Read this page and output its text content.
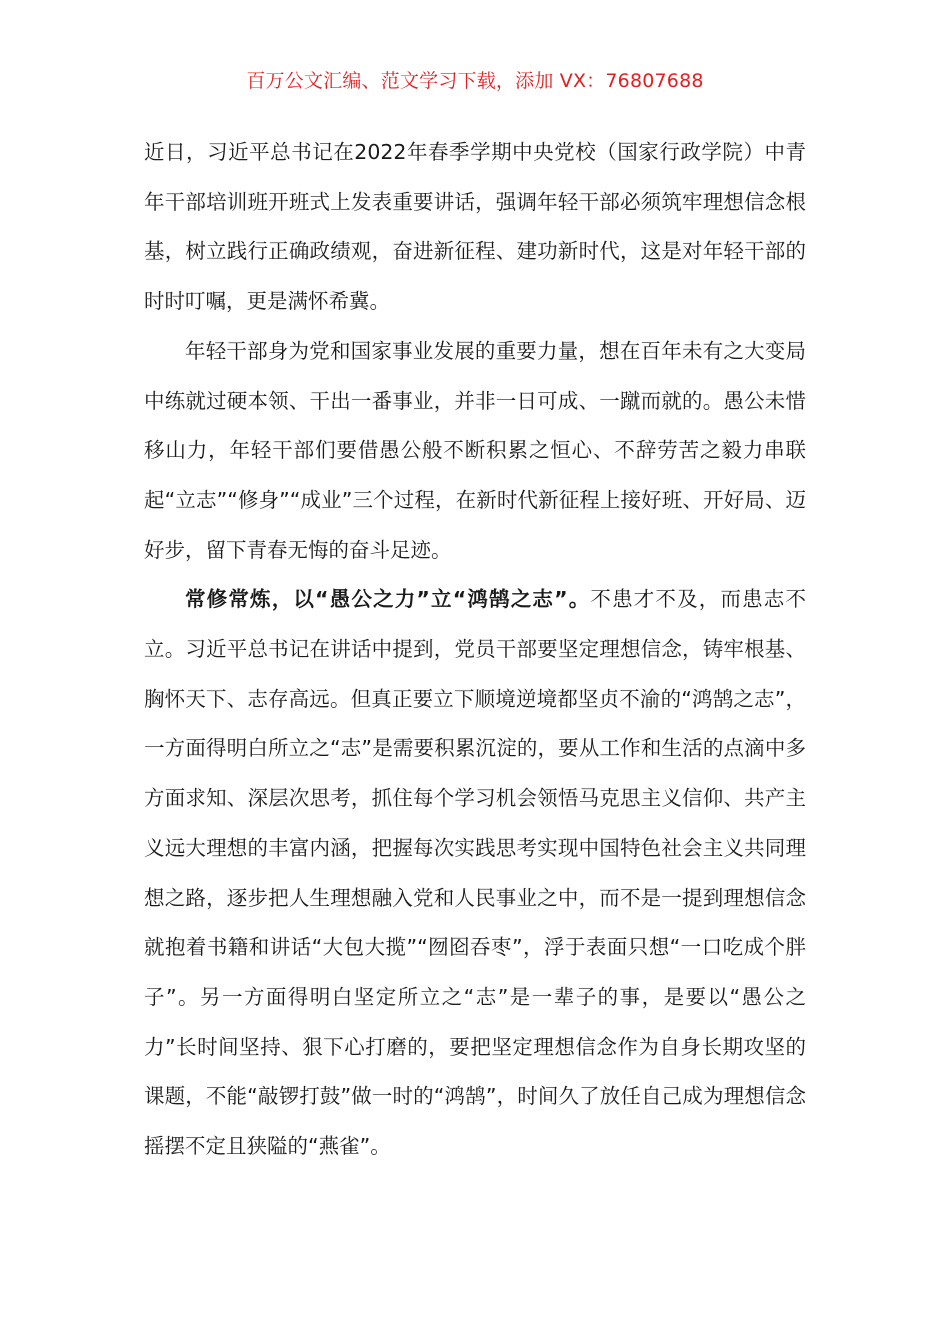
百万公文汇编、范文学习下载，添加 VX：76807688

近日，习近平总书记在2022年春季学期中央党校（国家行政学院）中青年干部培训班开班式上发表重要讲话，强调年轻干部必须筑牢理想信念根基，树立践行正确政绩观，奋进新征程、建功新时代，这是对年轻干部的时时叮嘱，更是满怀希冀。

年轻干部身为党和国家事业发展的重要力量，想在百年未有之大变局中练就过硬本领、干出一番事业，并非一日可成、一蹴而就的。愚公未惜移山力，年轻干部们要借愚公般不断积累之恒心、不辞劳苦之毅力串联起“立志”“修身”“成业”三个过程，在新时代新征程上接好班、开好局、迈好步，留下青春无悔的奋斗足迹。

常修常炼，以“愚公之力”立“鸿鹄之志”。不患才不及，而患志不立。习近平总书记在讲话中提到，党员干部要坚定理想信念，铸牢根基、胸怀天下、志存高远。但真正要立下顺境逆境都坚贞不渝的“鸿鹄之志”，一方面得明白所立之“志”是需要积累沉淀的，要从工作和生活的点滴中多方面求知、深层次思考，抓住每个学习机会领悟马克思主义信仰、共产主义远大理想的丰富内涵，把握每次实践思考实现中国特色社会主义共同理想之路，逐步把人生理想融入党和人民事业之中，而不是一提到理想信念就抱着书籍和讲话“大包大揽”“囫囵吞枣”，浮于表面只想“一口吃成个胖子”。另一方面得明白坚定所立之“志”是一辈子的事，是要以“愚公之力”长时间坚持、狠下心打磨的，要把坚定理想信念作为自身长期攻坚的课题，不能“敲锣打鼓”做一时的“鸿鹄”，时间久了放任自己成为理想信念摇摆不定且狭隘的“燕雀”。
